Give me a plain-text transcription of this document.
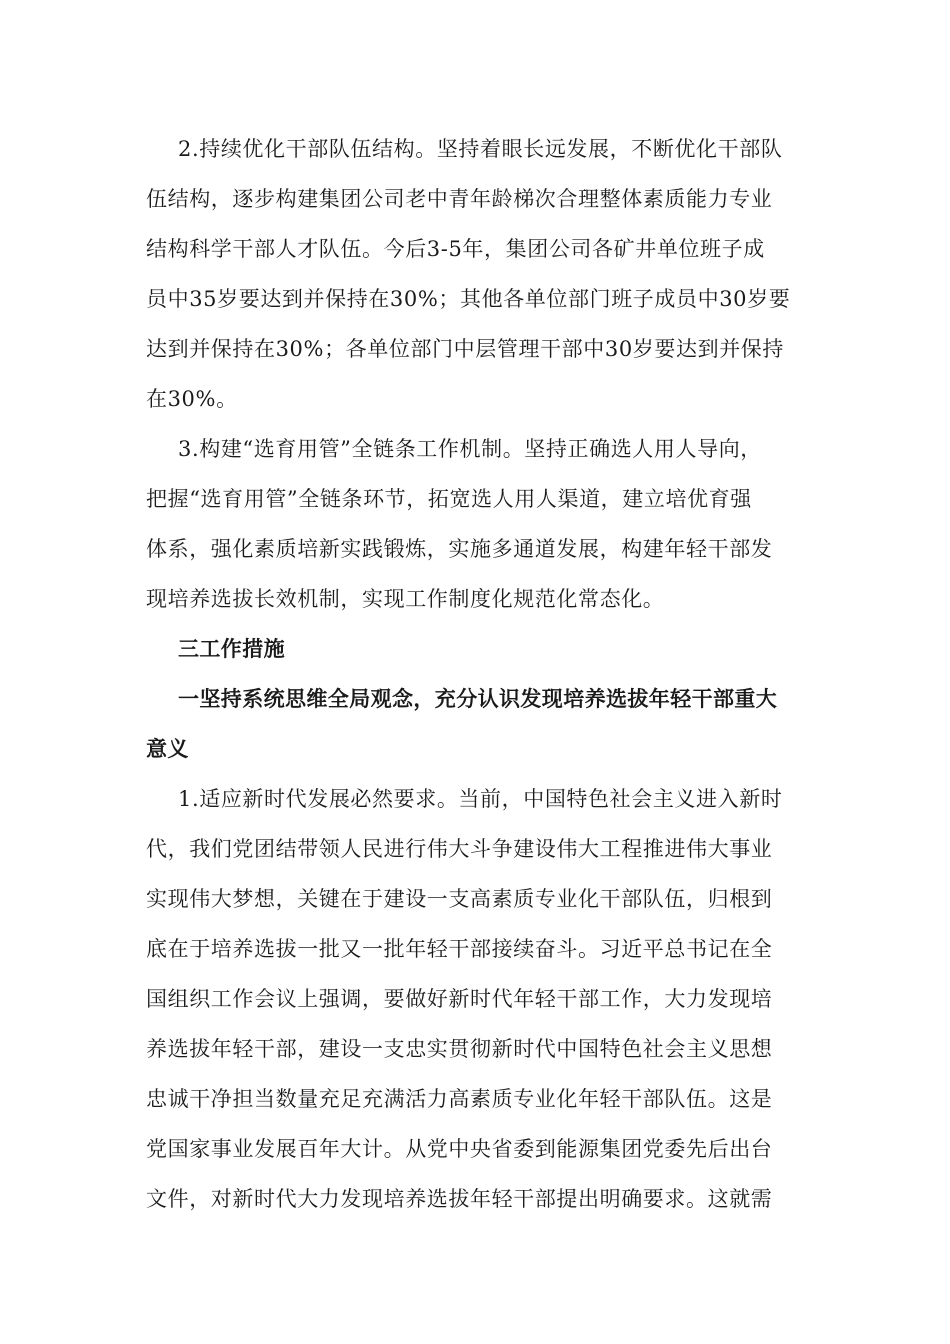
2.持续优化干部队伍结构。坚持着眼长远发展，不断优化干部队
伍结构，逐步构建集团公司老中青年龄梯次合理整体素质能力专业
结构科学干部人才队伍。今后3-5年，集团公司各矿井单位班子成
员中35岁要达到并保持在30%；其他各单位部门班子成员中30岁要
达到并保持在30%；各单位部门中层管理干部中30岁要达到并保持
在30%。
3.构建“选育用管”全链条工作机制。坚持正确选人用人导向，
把握“选育用管”全链条环节，拓宽选人用人渠道，建立培优育强
体系，强化素质培新实践锻炼，实施多通道发展，构建年轻干部发
现培养选拔长效机制，实现工作制度化规范化常态化。
三工作措施
一坚持系统思维全局观念，充分认识发现培养选拔年轻干部重大
意义
1.适应新时代发展必然要求。当前，中国特色社会主义进入新时
代，我们党团结带领人民进行伟大斗争建设伟大工程推进伟大事业
实现伟大梦想，关键在于建设一支高素质专业化干部队伍，归根到
底在于培养选拔一批又一批年轻干部接续奋斗。习近平总书记在全
国组织工作会议上强调，要做好新时代年轻干部工作，大力发现培
养选拔年轻干部，建设一支忠实贯彻新时代中国特色社会主义思想
忠诚干净担当数量充足充满活力高素质专业化年轻干部队伍。这是
党国家事业发展百年大计。从党中央省委到能源集团党委先后出台
文件，对新时代大力发现培养选拔年轻干部提出明确要求。这就需
